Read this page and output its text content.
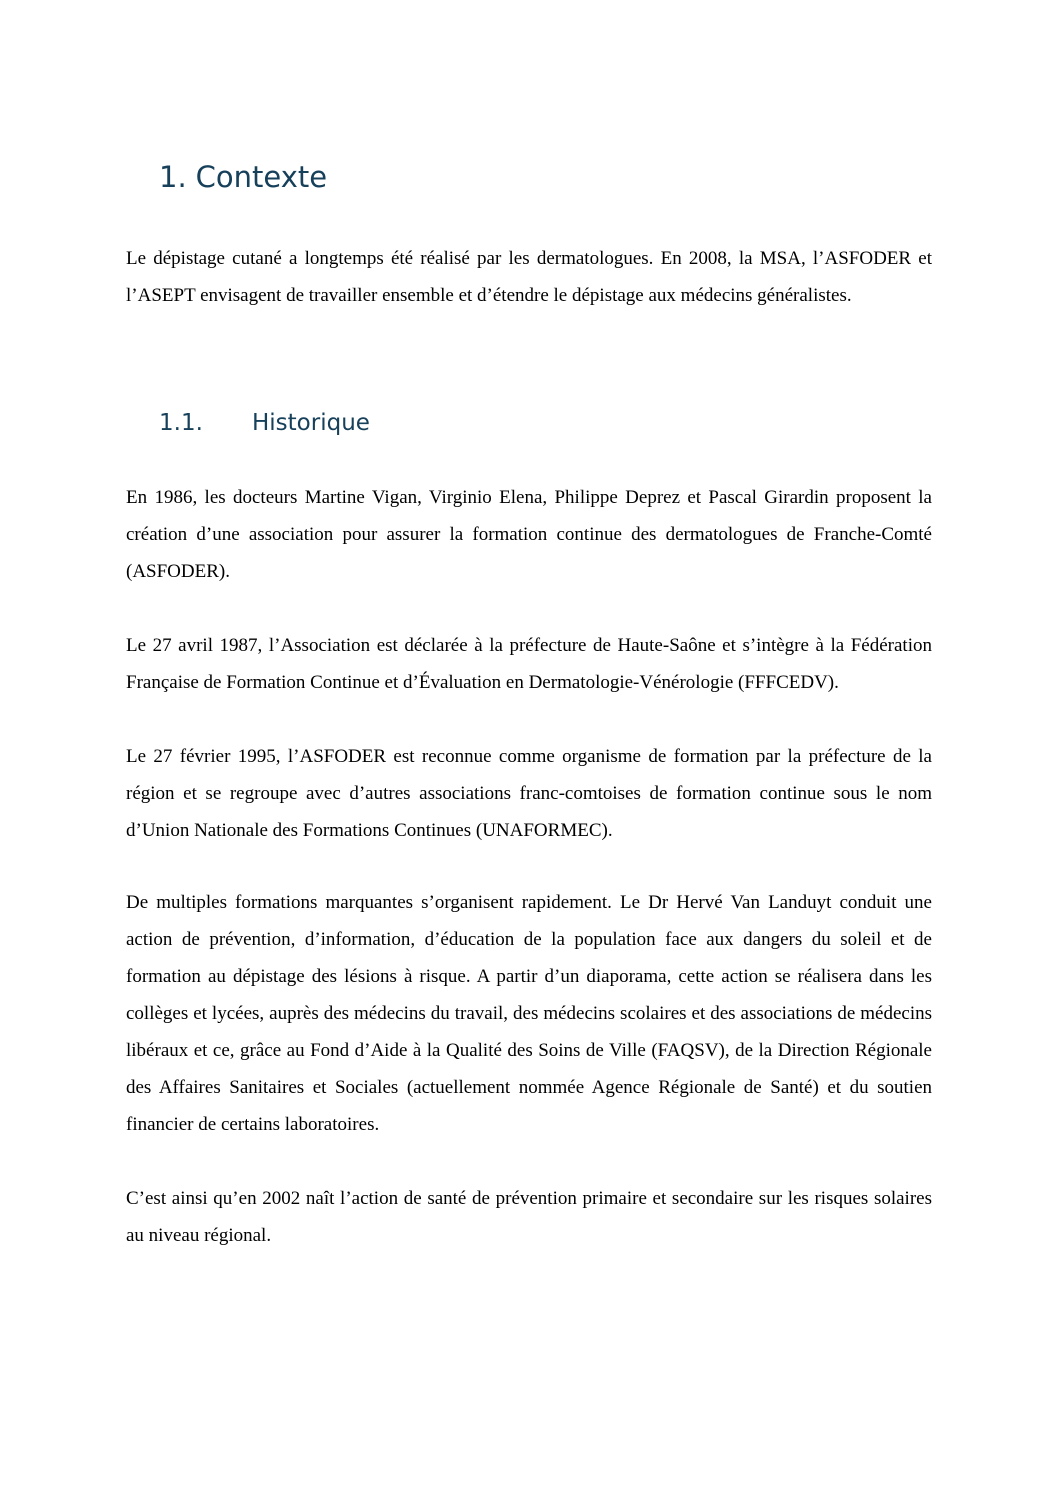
1. Contexte

Le dépistage cutané a longtemps été réalisé par les dermatologues. En 2008, la MSA, l’ASFODER et l’ASEPT envisagent de travailler ensemble et d’étendre le dépistage aux médecins généralistes.

1.1. Historique

En 1986, les docteurs Martine Vigan, Virginio Elena, Philippe Deprez et Pascal Girardin proposent la création d’une association pour assurer la formation continue des dermatologues de Franche-Comté (ASFODER).

Le 27 avril 1987, l’Association est déclarée à la préfecture de Haute-Saône et s’intègre à la Fédération Française de Formation Continue et d’Évaluation en Dermatologie-Vénérologie (FFFCEDV).

Le 27 février 1995, l’ASFODER est reconnue comme organisme de formation par la préfecture de la région et se regroupe avec d’autres associations franc-comtoises de formation continue sous le nom d’Union Nationale des Formations Continues (UNAFORMEC).

De multiples formations marquantes s’organisent rapidement. Le Dr Hervé Van Landuyt conduit une action de prévention, d’information, d’éducation de la population face aux dangers du soleil et de formation au dépistage des lésions à risque. A partir d’un diaporama, cette action se réalisera dans les collèges et lycées, auprès des médecins du travail, des médecins scolaires et des associations de médecins libéraux et ce, grâce au Fond d’Aide à la Qualité des Soins de Ville (FAQSV), de la Direction Régionale des Affaires Sanitaires et Sociales (actuellement nommée Agence Régionale de Santé) et du soutien financier de certains laboratoires.

C’est ainsi qu’en 2002 naît l’action de santé de prévention primaire et secondaire sur les risques solaires au niveau régional.
